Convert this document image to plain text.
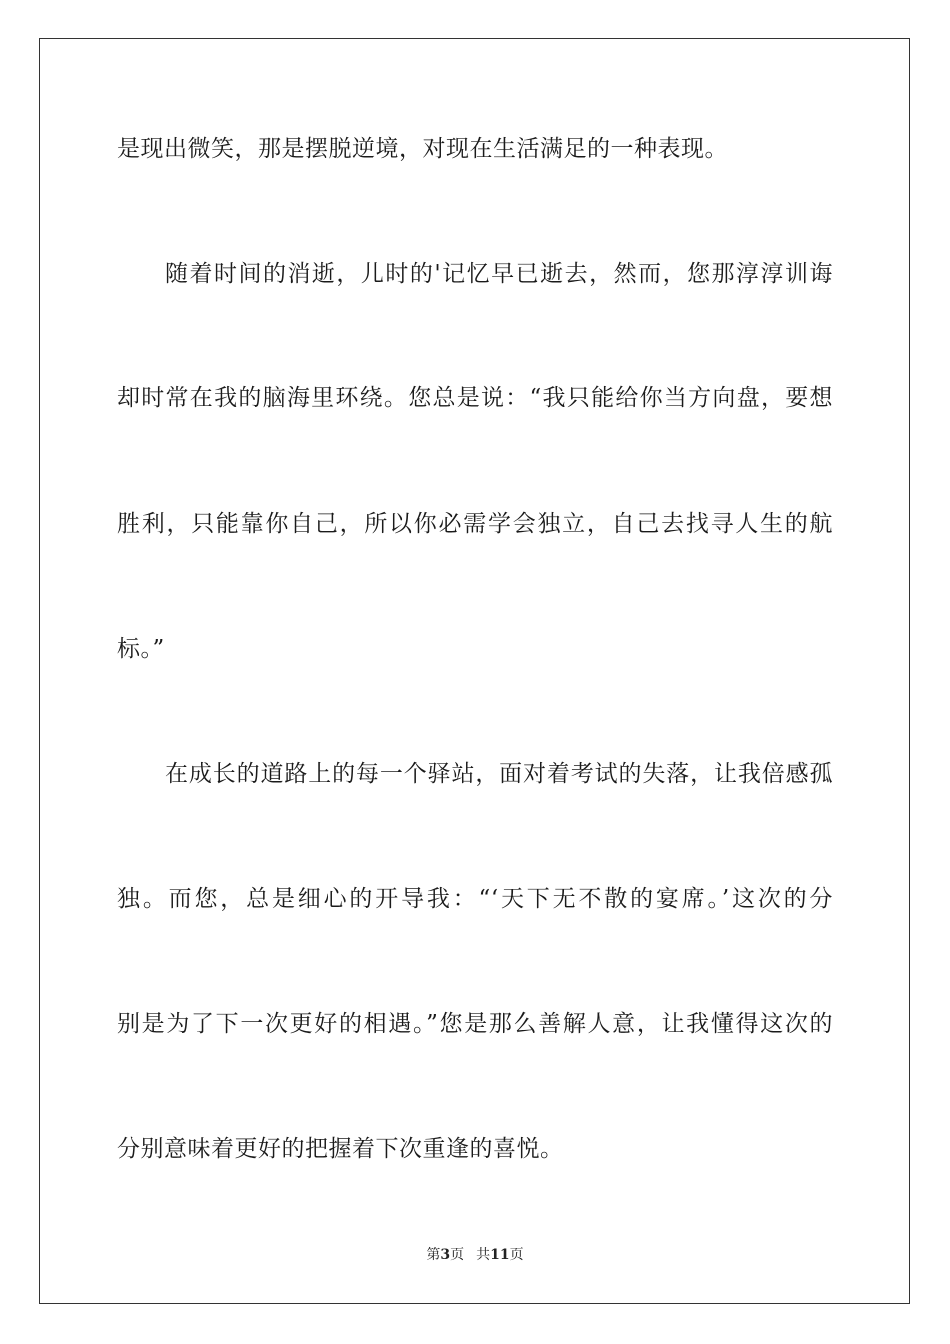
是现出微笑，那是摆脱逆境，对现在生活满足的一种表现。
随着时间的消逝，儿时的'记忆早已逝去，然而，您那淳淳训诲
却时常在我的脑海里环绕。您总是说：“我只能给你当方向盘，要想
胜利，只能靠你自己，所以你必需学会独立，自己去找寻人生的航
标。”
在成长的道路上的每一个驿站，面对着考试的失落，让我倍感孤
独。而您，总是细心的开导我：“‘天下无不散的宴席。’这次的分
别是为了下一次更好的相遇。”您是那么善解人意，让我懂得这次的
分别意味着更好的把握着下次重逢的喜悦。
第3页 共11页
